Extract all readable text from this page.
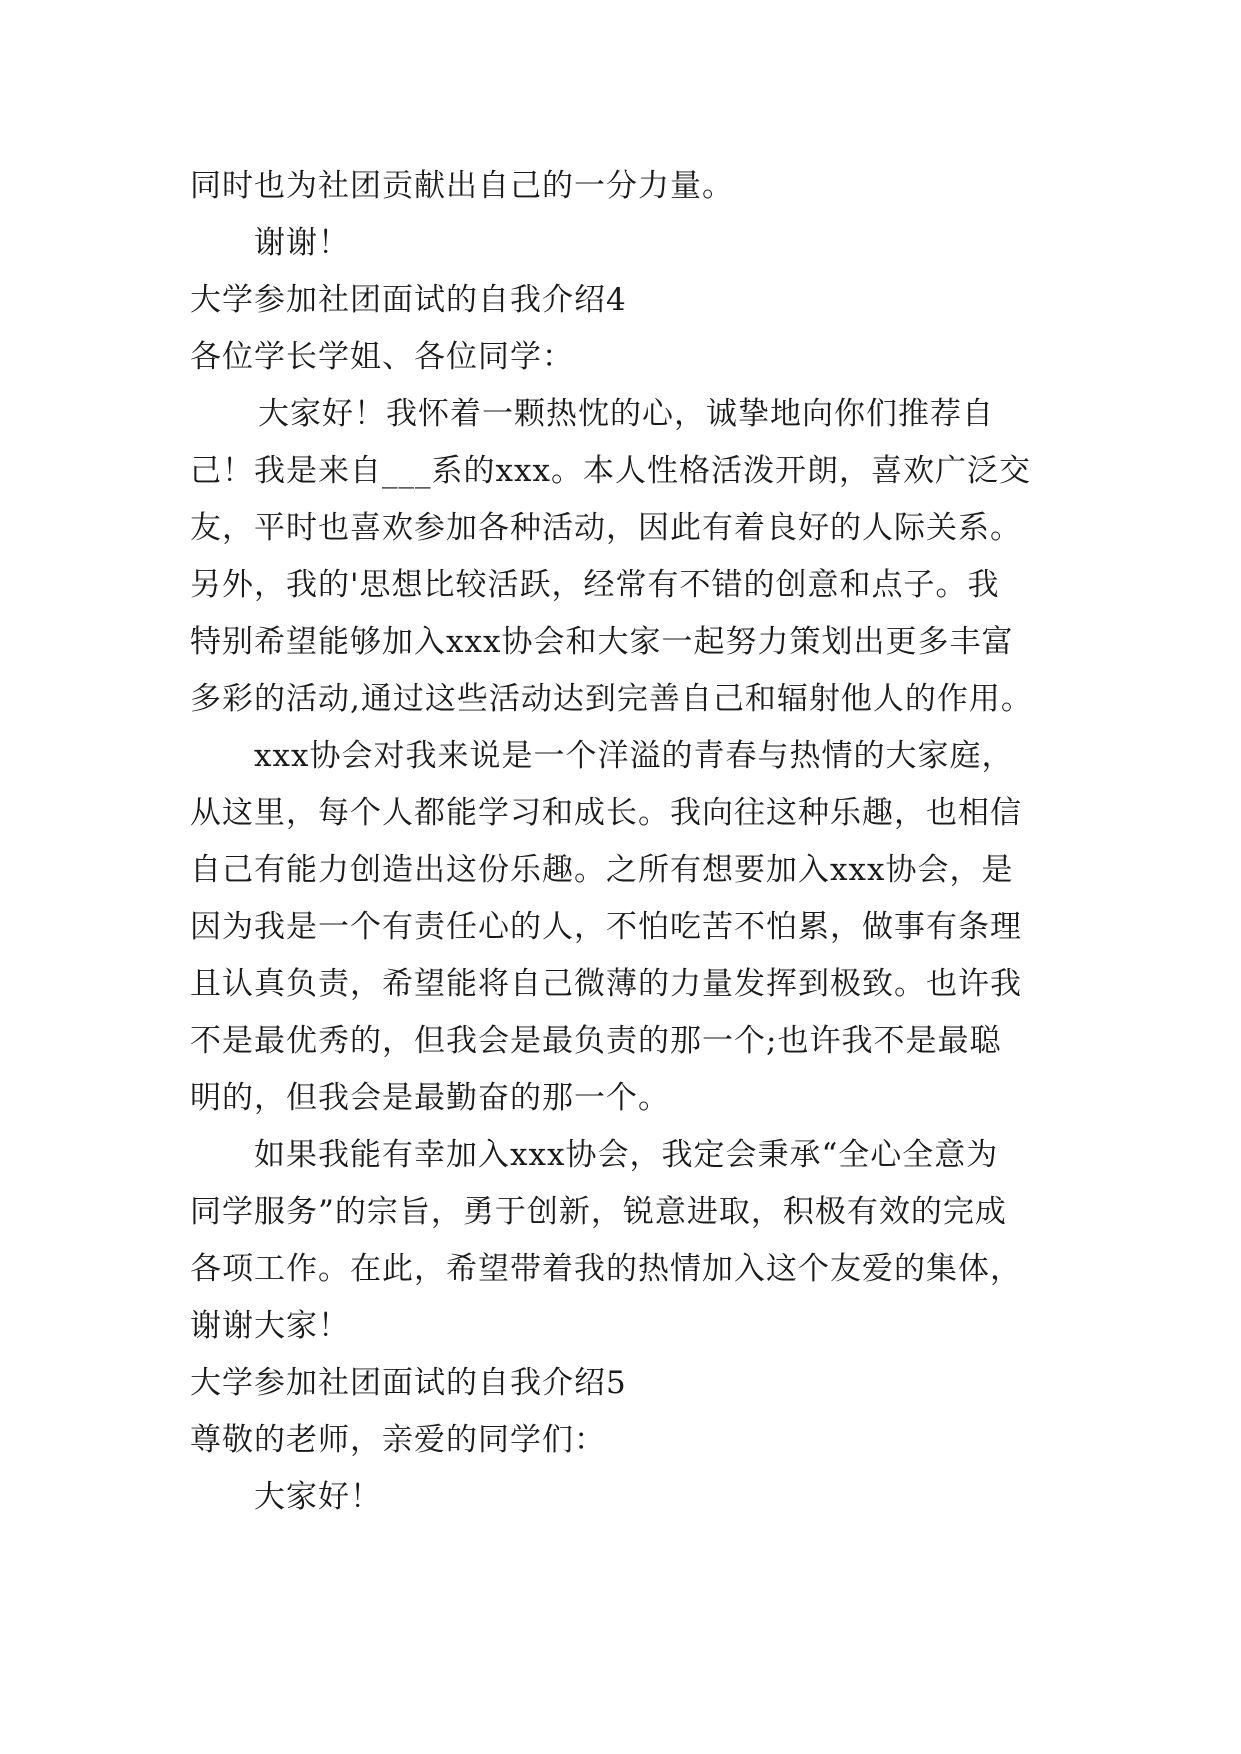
同时也为社团贡献出自己的一分力量。
谢谢！
大学参加社团面试的自我介绍4
各位学长学姐、各位同学：
大家好！我怀着一颗热忱的心，诚挚地向你们推荐自
己！我是来自___系的xxx。本人性格活泼开朗，喜欢广泛交
友，平时也喜欢参加各种活动，因此有着良好的人际关系。
另外，我的'思想比较活跃，经常有不错的创意和点子。我
特别希望能够加入xxx协会和大家一起努力策划出更多丰富
多彩的活动,通过这些活动达到完善自己和辐射他人的作用。
xxx协会对我来说是一个洋溢的青春与热情的大家庭，
从这里，每个人都能学习和成长。我向往这种乐趣，也相信
自己有能力创造出这份乐趣。之所有想要加入xxx协会，是
因为我是一个有责任心的人，不怕吃苦不怕累，做事有条理
且认真负责，希望能将自己微薄的力量发挥到极致。也许我
不是最优秀的，但我会是最负责的那一个;也许我不是最聪
明的，但我会是最勤奋的那一个。
如果我能有幸加入xxx协会，我定会秉承“全心全意为
同学服务”的宗旨，勇于创新，锐意进取，积极有效的完成
各项工作。在此，希望带着我的热情加入这个友爱的集体，
谢谢大家！
大学参加社团面试的自我介绍5
尊敬的老师，亲爱的同学们：
大家好！
